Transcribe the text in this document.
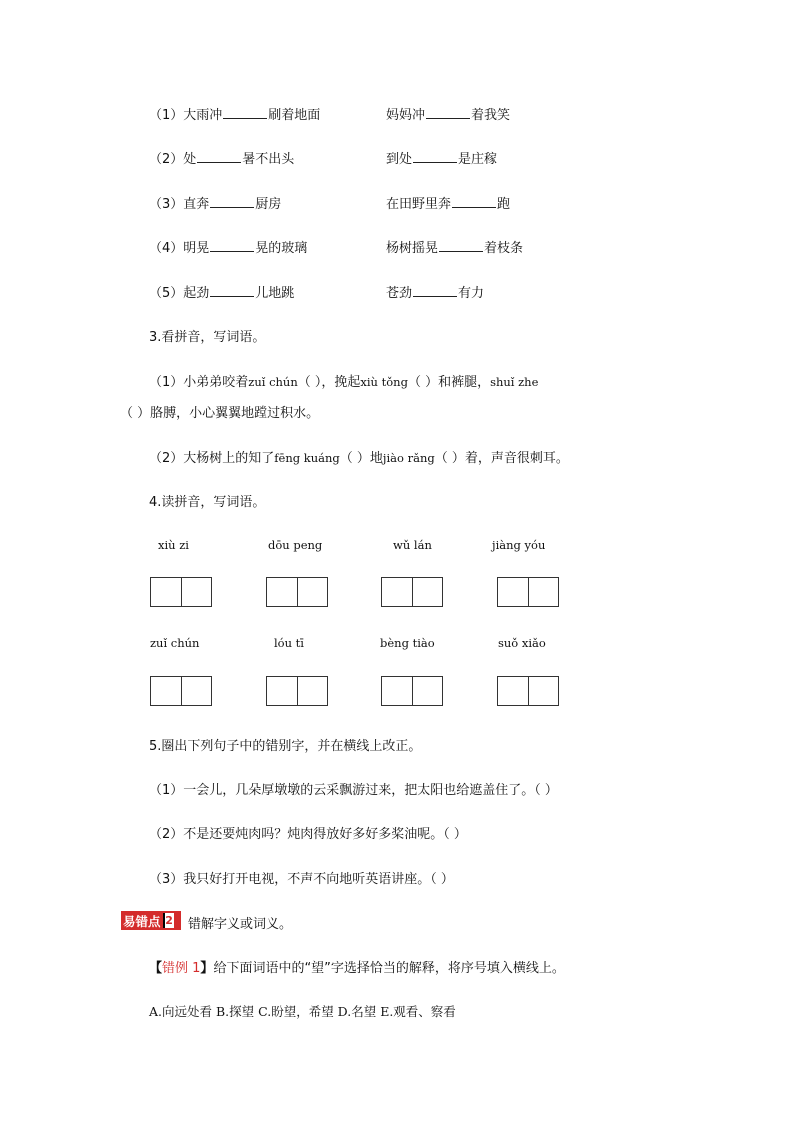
（1）大雨冲	刷着地面	妈妈冲	着我笑
（2）处	暑不出头	到处	是庄稼
（3）直奔	厨房	在田野里奔	跑
（4）明晃	晃的玻璃	杨树摇晃	着枝条
（5）起劲	儿地跳	苍劲	有力
3.看拼音，写词语。
（1）小弟弟咬着zuǐ chún（ ），挽起xiù tǒng（ ）和裤腿，shuǐ zhe
（ ）胳膊，小心翼翼地蹚过积水。
（2）大杨树上的知了fēng kuáng（ ）地jiào rǎng（ ）着，声音很刺耳。
4.读拼音，写词语。
xiù zi	dōu peng	wǔ lán	jiàng yóu
zuǐ chún	lóu tī	bèng tiào	suǒ xiǎo
5.圈出下列句子中的错别字，并在横线上改正。
（1）一会儿，几朵厚墩墩的云采飘游过来，把太阳也给遮盖住了。（ ）
（2）不是还要炖肉吗？炖肉得放好多好多桨油呢。（ ）
（3）我只好打开电视，不声不向地听英语讲座。（ ）
易错点 2 错解字义或词义。
【错例 1】给下面词语中的“望”字选择恰当的解释，将序号填入横线上。
A.向远处看 B.探望 C.盼望，希望 D.名望 E.观看、察看
